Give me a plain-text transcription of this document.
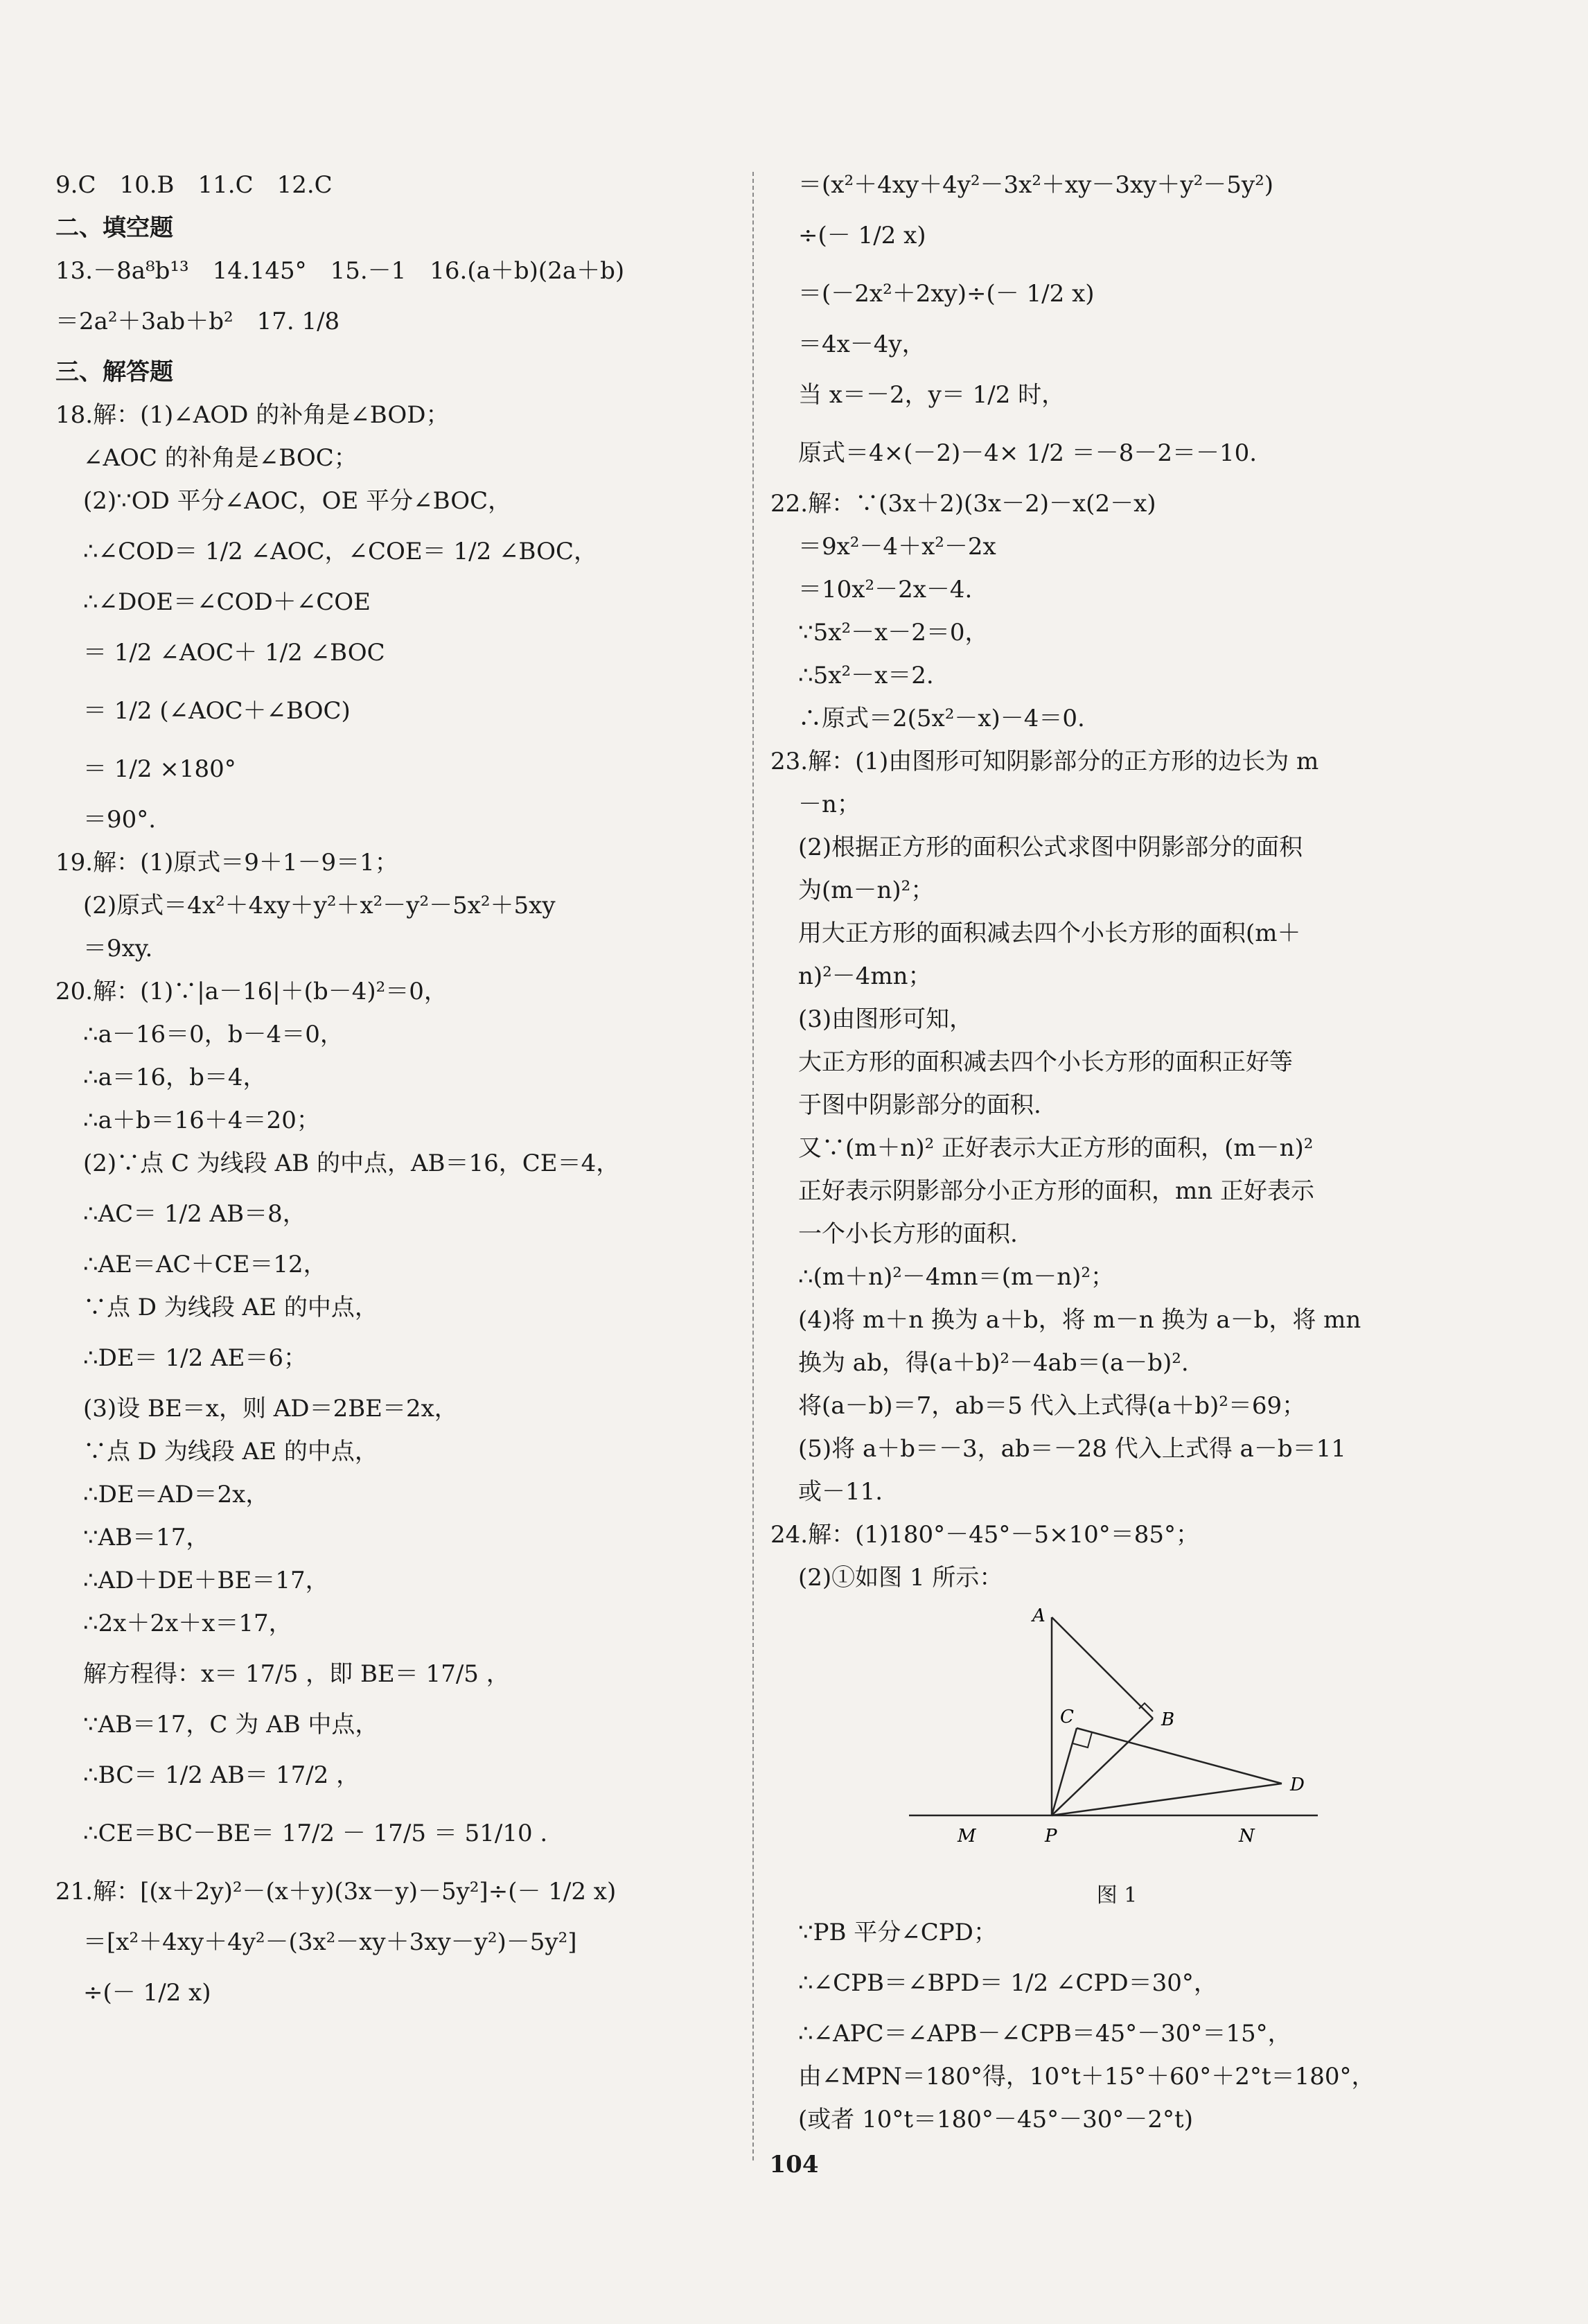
9.C　10.B　11.C　12.C
二、填空题
13.－8a⁸b¹³　14.145°　15.－1　16.(a＋b)(2a＋b)
＝2a²＋3ab＋b²　17. 1/8
三、解答题
18.解：(1)∠AOD 的补角是∠BOD；
∠AOC 的补角是∠BOC；
(2)∵OD 平分∠AOC，OE 平分∠BOC，
∴∠COD＝ 1/2 ∠AOC，∠COE＝ 1/2 ∠BOC，
∴∠DOE＝∠COD＋∠COE
＝ 1/2 ∠AOC＋ 1/2 ∠BOC
＝ 1/2 (∠AOC＋∠BOC)
＝ 1/2 ×180°
＝90°.
19.解：(1)原式＝9＋1－9＝1；
(2)原式＝4x²＋4xy＋y²＋x²－y²－5x²＋5xy
＝9xy.
20.解：(1)∵|a－16|＋(b－4)²＝0，
∴a－16＝0，b－4＝0，
∴a＝16，b＝4，
∴a＋b＝16＋4＝20；
(2)∵点 C 为线段 AB 的中点，AB＝16，CE＝4，
∴AC＝ 1/2 AB＝8，
∴AE＝AC＋CE＝12，
∵点 D 为线段 AE 的中点，
∴DE＝ 1/2 AE＝6；
(3)设 BE＝x，则 AD＝2BE＝2x，
∵点 D 为线段 AE 的中点，
∴DE＝AD＝2x，
∵AB＝17，
∴AD＋DE＋BE＝17，
∴2x＋2x＋x＝17，
解方程得：x＝ 17/5 ，即 BE＝ 17/5 ，
∵AB＝17，C 为 AB 中点，
∴BC＝ 1/2 AB＝ 17/2 ，
∴CE＝BC－BE＝ 17/2 － 17/5 ＝ 51/10 .
21.解：[(x＋2y)²－(x＋y)(3x－y)－5y²]÷(－ 1/2 x)
＝[x²＋4xy＋4y²－(3x²－xy＋3xy－y²)－5y²]
÷(－ 1/2 x)
＝(x²＋4xy＋4y²－3x²＋xy－3xy＋y²－5y²)
÷(－ 1/2 x)
＝(－2x²＋2xy)÷(－ 1/2 x)
＝4x－4y，
当 x＝－2，y＝ 1/2 时，
原式＝4×(－2)－4× 1/2 ＝－8－2＝－10.
22.解：∵(3x＋2)(3x－2)－x(2－x)
＝9x²－4＋x²－2x
＝10x²－2x－4.
∵5x²－x－2＝0，
∴5x²－x＝2.
∴原式＝2(5x²－x)－4＝0.
23.解：(1)由图形可知阴影部分的正方形的边长为 m
－n；
(2)根据正方形的面积公式求图中阴影部分的面积
为(m－n)²；
用大正方形的面积减去四个小长方形的面积(m＋
n)²－4mn；
(3)由图形可知，
大正方形的面积减去四个小长方形的面积正好等
于图中阴影部分的面积.
又∵(m＋n)² 正好表示大正方形的面积，(m－n)²
正好表示阴影部分小正方形的面积，mn 正好表示
一个小长方形的面积.
∴(m＋n)²－4mn＝(m－n)²；
(4)将 m＋n 换为 a＋b，将 m－n 换为 a－b，将 mn
换为 ab，得(a＋b)²－4ab＝(a－b)².
将(a－b)＝7，ab＝5 代入上式得(a＋b)²＝69；
(5)将 a＋b＝－3，ab＝－28 代入上式得 a－b＝11
或－11.
24.解：(1)180°－45°－5×10°＝85°；
(2)①如图 1 所示：
A
B
C
D
M	P	N
图 1
∵PB 平分∠CPD；
∴∠CPB＝∠BPD＝ 1/2 ∠CPD＝30°，
∴∠APC＝∠APB－∠CPB＝45°－30°＝15°，
由∠MPN＝180°得，10°t＋15°＋60°＋2°t＝180°，
(或者 10°t＝180°－45°－30°－2°t)
104
